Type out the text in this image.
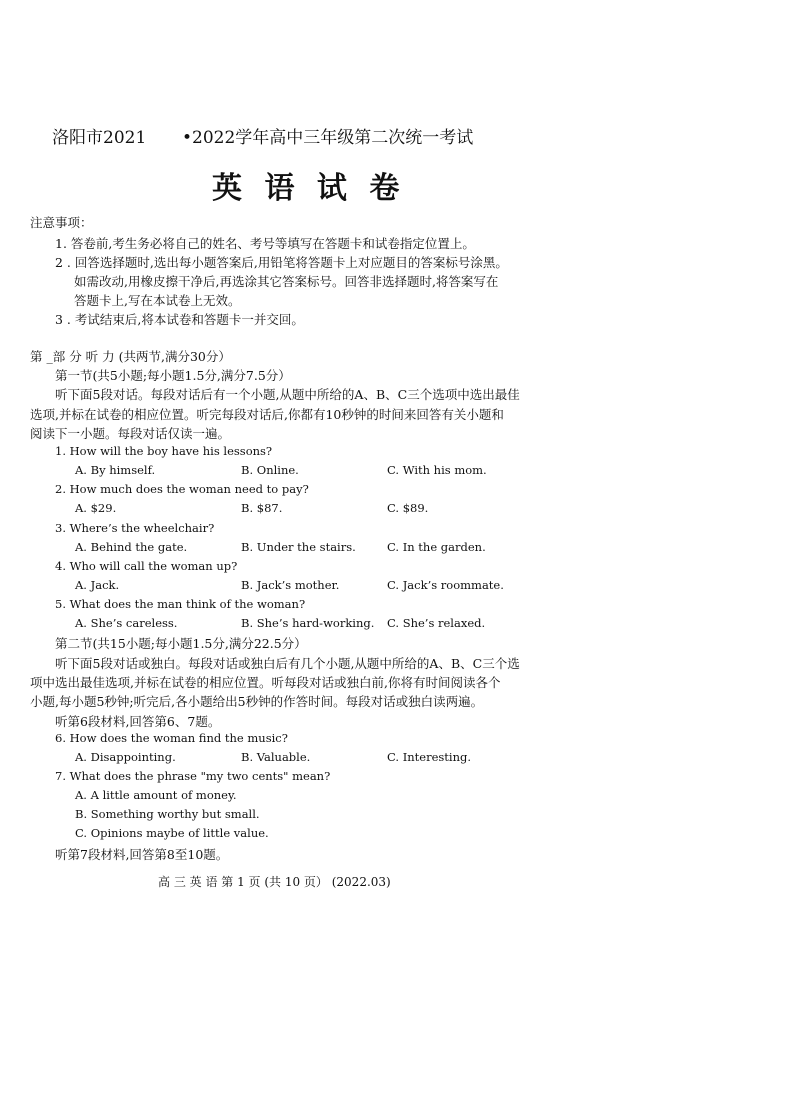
洛阳市2021 •2022学年高中三年级第二次统一考试
英 语 试 卷
注意事项：
1. 答卷前,考生务必将自己的姓名、考号等填写在答题卡和试卷指定位置上。
2 . 回答选择题时,选出每小题答案后,用铅笔将答题卡上对应题目的答案标号涂黑。
如需改动,用橡皮擦干净后,再选涂其它答案标号。回答非选择题时,将答案写在
答题卡上,写在本试卷上无效。
3 . 考试结束后,将本试卷和答题卡一并交回。
第 _部 分 听 力 (共两节,满分30分）
第一节(共5小题;每小题1.5分,满分7.5分）
听下面5段对话。每段对话后有一个小题,从题中所给的A、B、C三个选项中选出最佳
选项,并标在试卷的相应位置。听完每段对话后,你都有10秒钟的时间来回答有关小题和
阅读下一小题。每段对话仅读一遍。
1. How will the boy have his lessons?
A. By himself.	B. Online.	C. With his mom.
2. How much does the woman need to pay?
A. $29.	B. $87.	C. $89.
3. Where’s the wheelchair?
A. Behind the gate.	B. Under the stairs.	C. In the garden.
4. Who will call the woman up?
A. Jack.	B. Jack’s mother.	C. Jack’s roommate.
5. What does the man think of the woman?
A. She’s careless.	B. She’s hard-working. C. She’s relaxed.
第二节(共15小题;每小题1.5分,满分22.5分）
听下面5段对话或独白。每段对话或独白后有几个小题,从题中所给的A、B、C三个选
项中选出最佳选项,并标在试卷的相应位置。听每段对话或独白前,你将有时间阅读各个
小题,每小题5秒钟;听完后,各小题给出5秒钟的作答时间。每段对话或独白读两遍。
听第6段材料,回答第6、7题。
6. How does the woman find the music?
A. Disappointing.	B. Valuable.	C. Interesting.
7. What does the phrase "my two cents" mean?
A. A little amount of money.
B. Something worthy but small.
C. Opinions maybe of little value.
听第7段材料,回答第8至10题。
高 三 英 语 第 1 页 (共 10 页） (2022.03)
